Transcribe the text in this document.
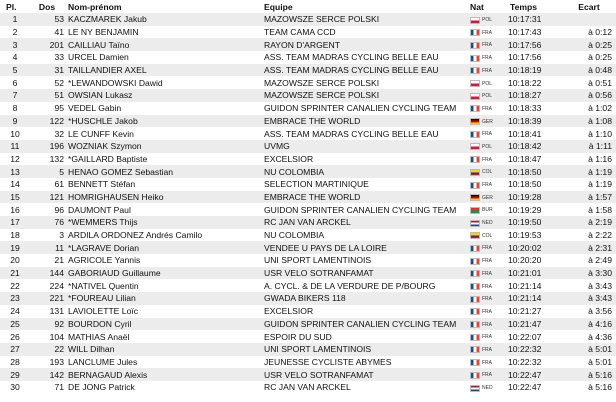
Pl.	Dos	Nom-prénom	Equipe	Nat	Temps	Ecart
1	53	KACZMAREK Jakub	MAZOWSZE SERCE POLSKI	POL	10:17:31	
2	41	LE NY BENJAMIN	TEAM CAMA CCD	FRA	10:17:43	à 0:12
3	201	CAILLIAU Taïno	RAYON D'ARGENT	FRA	10:17:56	à 0:25
4	33	URCEL Damien	ASS. TEAM MADRAS CYCLING BELLE EAU	FRA	10:17:56	à 0:25
5	31	TAILLANDIER AXEL	ASS. TEAM MADRAS CYCLING BELLE EAU	FRA	10:18:19	à 0:48
6	52	*LEWANDOWSKI Dawid	MAZOWSZE SERCE POLSKI	POL	10:18:22	à 0:51
7	51	OWSIAN Lukasz	MAZOWSZE SERCE POLSKI	POL	10:18:27	à 0:56
8	95	VEDEL Gabin	GUIDON SPRINTER CANALIEN CYCLING TEAM	FRA	10:18:33	à 1:02
9	122	*HUSCHLE Jakob	EMBRACE THE WORLD	GER	10:18:39	à 1:08
10	32	LE CUNFF Kevin	ASS. TEAM MADRAS CYCLING BELLE EAU	FRA	10:18:41	à 1:10
11	196	WOZNIAK Szymon	UVMG	POL	10:18:42	à 1:11
12	132	*GAILLARD Baptiste	EXCELSIOR	FRA	10:18:47	à 1:16
13	5	HENAO GOMEZ Sebastian	NU COLOMBIA	COL	10:18:50	à 1:19
14	61	BENNETT Stéfan	SELECTION MARTINIQUE	FRA	10:18:50	à 1:19
15	121	HOMRIGHAUSEN Heiko	EMBRACE THE WORLD	GER	10:19:28	à 1:57
16	96	DAUMONT Paul	GUIDON SPRINTER CANALIEN CYCLING TEAM	BUR	10:19:29	à 1:58
17	76	*WEMMERS Thijs	RC JAN VAN ARCKEL	NED	10:19:50	à 2:19
18	3	ARDILA ORDONEZ Andrés Camilo	NU COLOMBIA	COL	10:19:53	à 2:22
19	11	*LAGRAVE Dorian	VENDEE U PAYS DE LA LOIRE	FRA	10:20:02	à 2:31
20	21	AGRICOLE Yannis	UNI SPORT LAMENTINOIS	FRA	10:20:20	à 2:49
21	144	GABORIAUD Guillaume	USR VELO SOTRANFAMAT	FRA	10:21:01	à 3:30
22	224	*NATIVEL Quentin	A. CYCL. & DE LA VERDURE DE P/BOURG	FRA	10:21:14	à 3:43
23	221	*FOUREAU Lilian	GWADA BIKERS 118	FRA	10:21:14	à 3:43
24	131	LAVIOLETTE Loïc	EXCELSIOR	FRA	10:21:27	à 3:56
25	92	BOURDON Cyril	GUIDON SPRINTER CANALIEN CYCLING TEAM	FRA	10:21:47	à 4:16
26	104	MATHIAS Anaël	ESPOIR DU SUD	FRA	10:22:07	à 4:36
27	22	WILL Dilhan	UNI SPORT LAMENTINOIS	FRA	10:22:32	à 5:01
28	193	LANCLUME Jules	JEUNESSE CYCLISTE ABYMES	FRA	10:22:32	à 5:01
29	142	BERNAGAUD Alexis	USR VELO SOTRANFAMAT	FRA	10:22:47	à 5:16
30	71	DE JONG Patrick	RC JAN VAN ARCKEL	NED	10:22:47	à 5:16
